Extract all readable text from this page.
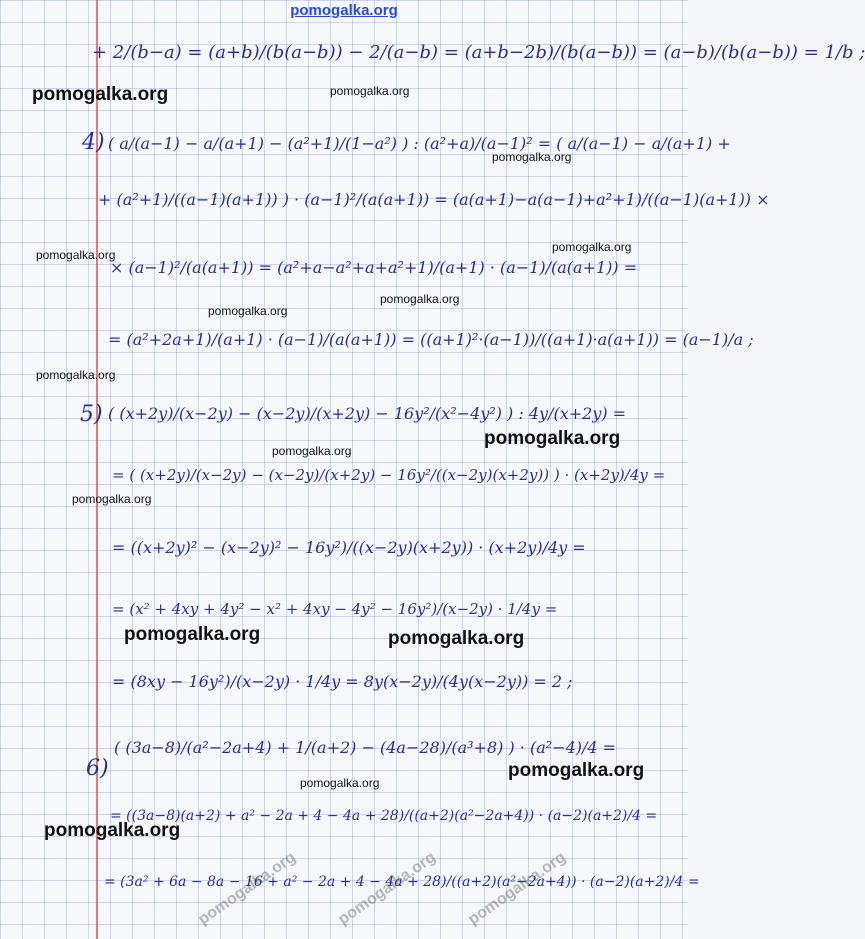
pomogalka.org
+ 2/(b−a) = (a+b)/(b(a−b)) − 2/(a−b) = (a+b−2b)/(b(a−b)) = (a−b)/(b(a−b)) = 1/b ;
4) ( a/(a−1) − a/(a+1) − (a²+1)/(1−a²) ) : (a²+a)/(a−1)² = ( a/(a−1) − a/(a+1) +
+ (a²+1)/((a−1)(a+1)) ) · (a−1)²/(a(a+1)) = (a(a+1)−a(a−1)+a²+1)/((a−1)(a+1)) ×
× (a−1)²/(a(a+1)) = (a²+a−a²+a+a²+1)/(a+1) · (a−1)/(a(a+1)) =
= (a²+2a+1)/(a+1) · (a−1)/(a(a+1)) = ((a+1)²·(a−1))/((a+1)·a(a+1)) = (a−1)/a ;
5) ( (x+2y)/(x−2y) − (x−2y)/(x+2y) − 16y²/(x²−4y²) ) : 4y/(x+2y) =
= ( (x+2y)/(x−2y) − (x−2y)/(x+2y) − 16y²/((x−2y)(x+2y)) ) · (x+2y)/4y =
= ((x+2y)² − (x−2y)² − 16y²)/((x−2y)(x+2y)) · (x+2y)/4y =
= (x² + 4xy + 4y² − x² + 4xy − 4y² − 16y²)/(x−2y) · 1/4y =
= (8xy − 16y²)/(x−2y) · 1/4y = 8y(x−2y)/(4y(x−2y)) = 2 ;
6)
( (3a−8)/(a²−2a+4) + 1/(a+2) − (4a−28)/(a³+8) ) · (a²−4)/4 =
= ((3a−8)(a+2) + a² − 2a + 4 − 4a + 28)/((a+2)(a²−2a+4)) · (a−2)(a+2)/4 =
= (3a² + 6a − 8a − 16 + a² − 2a + 4 − 4a + 28)/((a+2)(a²−2a+4)) · (a−2)(a+2)/4 =
pomogalka.org	pomogalka.org
pomogalka.org
pomogalka.org
pomogalka.org
pomogalka.org
pomogalka.org
pomogalka.org
pomogalka.org
pomogalka.org
pomogalka.org
pomogalka.org	pomogalka.org
pomogalka.org
pomogalka.org
pomogalka.org
pomogalka.org pomogalka.org pomogalka.org
